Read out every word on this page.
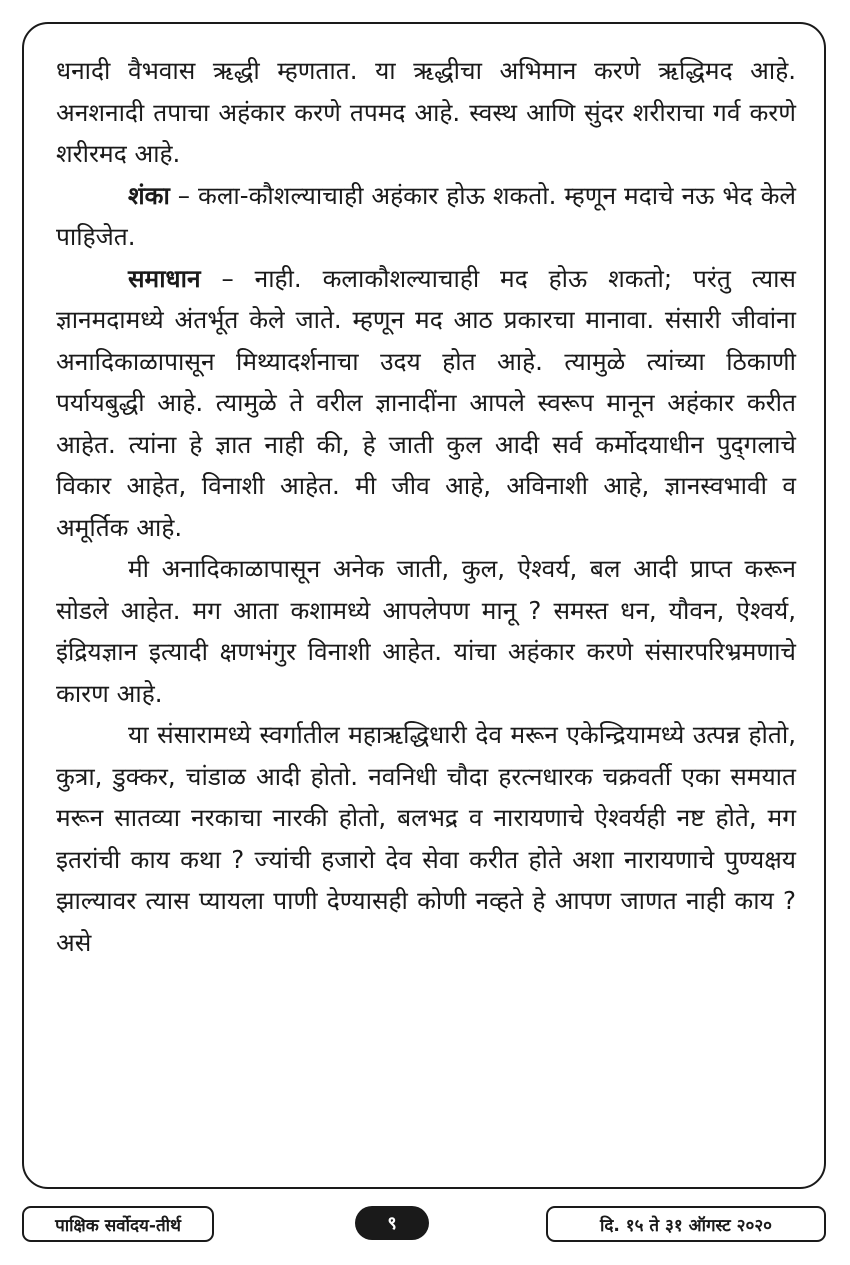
धनादी वैभवास ऋद्धी म्हणतात. या ऋद्धीचा अभिमान करणे ऋद्धिमद आहे. अनशनादी तपाचा अहंकार करणे तपमद आहे. स्वस्थ आणि सुंदर शरीराचा गर्व करणे शरीरमद आहे.

शंका – कला-कौशल्याचाही अहंकार होऊ शकतो. म्हणून मदाचे नऊ भेद केले पाहिजेत.

समाधान – नाही. कलाकौशल्याचाही मद होऊ शकतो; परंतु त्यास ज्ञानमदामध्ये अंतर्भूत केले जाते. म्हणून मद आठ प्रकारचा मानावा. संसारी जीवांना अनादिकाळापासून मिथ्यादर्शनाचा उदय होत आहे. त्यामुळे त्यांच्या ठिकाणी पर्यायबुद्धी आहे. त्यामुळे ते वरील ज्ञानादींना आपले स्वरूप मानून अहंकार करीत आहेत. त्यांना हे ज्ञात नाही की, हे जाती कुल आदी सर्व कर्मोदयाधीन पुद्‌गलाचे विकार आहेत, विनाशी आहेत. मी जीव आहे, अविनाशी आहे, ज्ञानस्वभावी व अमूर्तिक आहे.

मी अनादिकाळापासून अनेक जाती, कुल, ऐश्वर्य, बल आदी प्राप्त करून सोडले आहेत. मग आता कशामध्ये आपलेपण मानू ? समस्त धन, यौवन, ऐश्वर्य, इंद्रियज्ञान इत्यादी क्षणभंगुर विनाशी आहेत. यांचा अहंकार करणे संसारपरिभ्रमणाचे कारण आहे.

या संसारामध्ये स्वर्गातील महाऋद्धिधारी देव मरून एकेन्द्रियामध्ये उत्पन्न होतो, कुत्रा, डुक्कर, चांडाळ आदी होतो. नवनिधी चौदा हरत्नधारक चक्रवर्ती एका समयात मरून सातव्या नरकाचा नारकी होतो, बलभद्र व नारायणाचे ऐश्वर्यही नष्ट होते, मग इतरांची काय कथा ? ज्यांची हजारो देव सेवा करीत होते अशा नारायणाचे पुण्यक्षय झाल्यावर त्यास प्यायला पाणी देण्यासही कोणी नव्हते हे आपण जाणत नाही काय ? असे

पाक्षिक सर्वोदय-तीर्थ	९	दि. १५ ते ३१ ऑगस्ट २०२०
